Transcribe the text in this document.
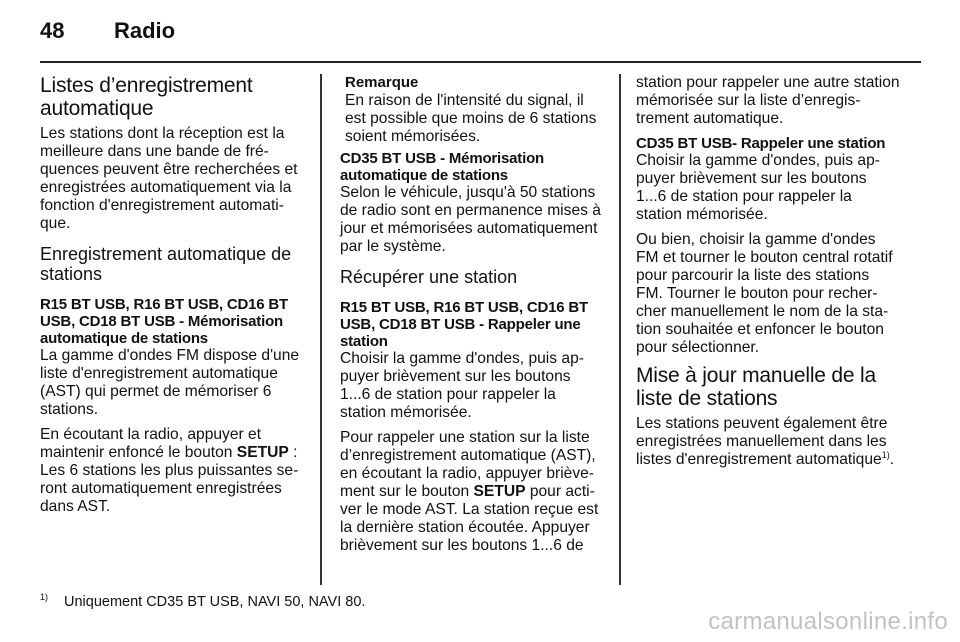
48 Radio
Listes d’enregistrement automatique

Les stations dont la réception est la meilleure dans une bande de fréquences peuvent être recherchées et enregistrées automatiquement via la fonction d'enregistrement automatique.

Enregistrement automatique de stations
R15 BT USB, R16 BT USB, CD16 BT USB, CD18 BT USB - Mémorisation automatique de stations

La gamme d'ondes FM dispose d'une liste d'enregistrement automatique (AST) qui permet de mémoriser 6 stations.

En écoutant la radio, appuyer et maintenir enfoncé le bouton SETUP : Les 6 stations les plus puissantes seront automatiquement enregistrées dans AST.

Remarque

En raison de l'intensité du signal, il est possible que moins de 6 stations soient mémorisées.

CD35 BT USB - Mémorisation automatique de stations

Selon le véhicule, jusqu'à 50 stations de radio sont en permanence mises à jour et mémorisées automatiquement par le système.

Récupérer une station
R15 BT USB, R16 BT USB, CD16 BT USB, CD18 BT USB - Rappeler une station

Choisir la gamme d'ondes, puis appuyer brièvement sur les boutons 1...6 de station pour rappeler la station mémorisée.

Pour rappeler une station sur la liste d’enregistrement automatique (AST), en écoutant la radio, appuyer brièvement sur le bouton SETUP pour activer le mode AST. La station reçue est la dernière station écoutée. Appuyer brièvement sur les boutons 1...6 de

station pour rappeler une autre station mémorisée sur la liste d’enregistrement automatique.

CD35 BT USB- Rappeler une station

Choisir la gamme d'ondes, puis appuyer brièvement sur les boutons 1...6 de station pour rappeler la station mémorisée.

Ou bien, choisir la gamme d'ondes FM et tourner le bouton central rotatif pour parcourir la liste des stations FM. Tourner le bouton pour rechercher manuellement le nom de la station souhaitée et enfoncer le bouton pour sélectionner.

Mise à jour manuelle de la liste de stations

Les stations peuvent également être enregistrées manuellement dans les listes d'enregistrement automatique$^{1)}$.

$^{1)}$ Uniquement CD35 BT USB, NAVI 50, NAVI 80.
carmanualsonline.info
